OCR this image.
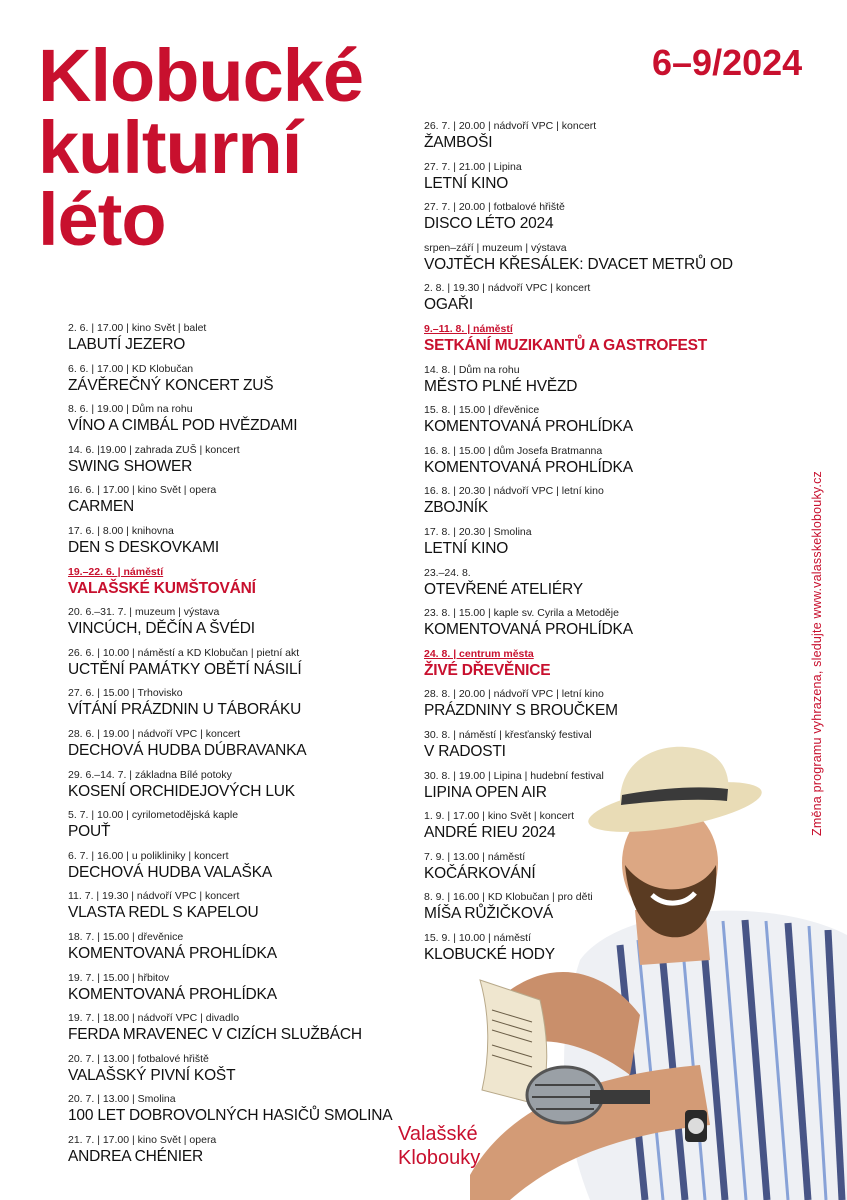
Klobucké
kulturní
léto
6–9/2024
2. 6. | 17.00 | kino Svět | balet
LABUTÍ JEZERO
6. 6. | 17.00 | KD Klobučan
ZÁVĚREČNÝ KONCERT ZUŠ
8. 6. | 19.00 | Dům na rohu
VÍNO A CIMBÁL POD HVĚZDAMI
14. 6. |19.00 | zahrada ZUŠ | koncert
SWING SHOWER
16. 6. | 17.00 | kino Svět | opera
CARMEN
17. 6. | 8.00 | knihovna
DEN S DESKOVKAMI
19.–22. 6. | náměstí
VALAŠSKÉ KUMŠTOVÁNÍ
20. 6.–31. 7. | muzeum | výstava
VINCÚCH, DĚČÍN A ŠVÉDI
26. 6. | 10.00 | náměstí a KD Klobučan | pietní akt
UCTĚNÍ PAMÁTKY OBĚTÍ NÁSILÍ
27. 6. | 15.00 | Trhovisko
VÍTÁNÍ PRÁZDNIN U TÁBORÁKU
28. 6. | 19.00 | nádvoří VPC | koncert
DECHOVÁ HUDBA DÚBRAVANKA
29. 6.–14. 7. | základna Bílé potoky
KOSENÍ ORCHIDEJOVÝCH LUK
5. 7. | 10.00 | cyrilometodějská kaple
POUŤ
6. 7. | 16.00 | u polikliniky | koncert
DECHOVÁ HUDBA VALAŠKA
11. 7. | 19.30 | nádvoří VPC | koncert
VLASTA REDL S KAPELOU
18. 7. | 15.00 | dřevěnice
KOMENTOVANÁ PROHLÍDKA
19. 7. | 15.00 | hřbitov
KOMENTOVANÁ PROHLÍDKA
19. 7. | 18.00 | nádvoří VPC | divadlo
FERDA MRAVENEC V CIZÍCH SLUŽBÁCH
20. 7. | 13.00 | fotbalové hřiště
VALAŠSKÝ PIVNÍ KOŠT
20. 7. | 13.00 | Smolina
100 LET DOBROVOLNÝCH HASIČŮ SMOLINA
21. 7. | 17.00 | kino Svět | opera
ANDREA CHÉNIER
26. 7. | 20.00 | nádvoří VPC | koncert
ŽAMBOŠI
27. 7. | 21.00 | Lipina
LETNÍ KINO
27. 7. | 20.00 | fotbalové hřiště
DISCO LÉTO 2024
srpen–září | muzeum | výstava
VOJTĚCH KŘESÁLEK: DVACET METRŮ OD
2. 8. | 19.30 | nádvoří VPC | koncert
OGAŘI
9.–11. 8. | náměstí
SETKÁNÍ MUZIKANTŮ A GASTROFEST
14. 8. | Dům na rohu
MĚSTO PLNÉ HVĚZD
15. 8. | 15.00 | dřevěnice
KOMENTOVANÁ PROHLÍDKA
16. 8. | 15.00 | dům Josefa Bratmanna
KOMENTOVANÁ PROHLÍDKA
16. 8. | 20.30 | nádvoří VPC | letní kino
ZBOJNÍK
17. 8. | 20.30 | Smolina
LETNÍ KINO
23.–24. 8.
OTEVŘENÉ ATELIÉRY
23. 8. | 15.00 | kaple sv. Cyrila a Metoděje
KOMENTOVANÁ PROHLÍDKA
24. 8. | centrum města
ŽIVÉ DŘEVĚNICE
28. 8. | 20.00 | nádvoří VPC | letní kino
PRÁZDNINY S BROUČKEM
30. 8. | náměstí | křesťanský festival
V RADOSTI
30. 8. | 19.00 | Lipina | hudební festival
LIPINA OPEN AIR
1. 9. | 17.00 | kino Svět | koncert
ANDRÉ RIEU 2024
7. 9. | 13.00 | náměstí
KOČÁRKOVÁNÍ
8. 9. | 16.00 | KD Klobučan | pro děti
MÍŠA RŮŽIČKOVÁ
15. 9. | 10.00 | náměstí
KLOBUCKÉ HODY
Změna programu vyhrazena, sledujte www.valasskeklobouky.cz
Valašské
Klobouky
